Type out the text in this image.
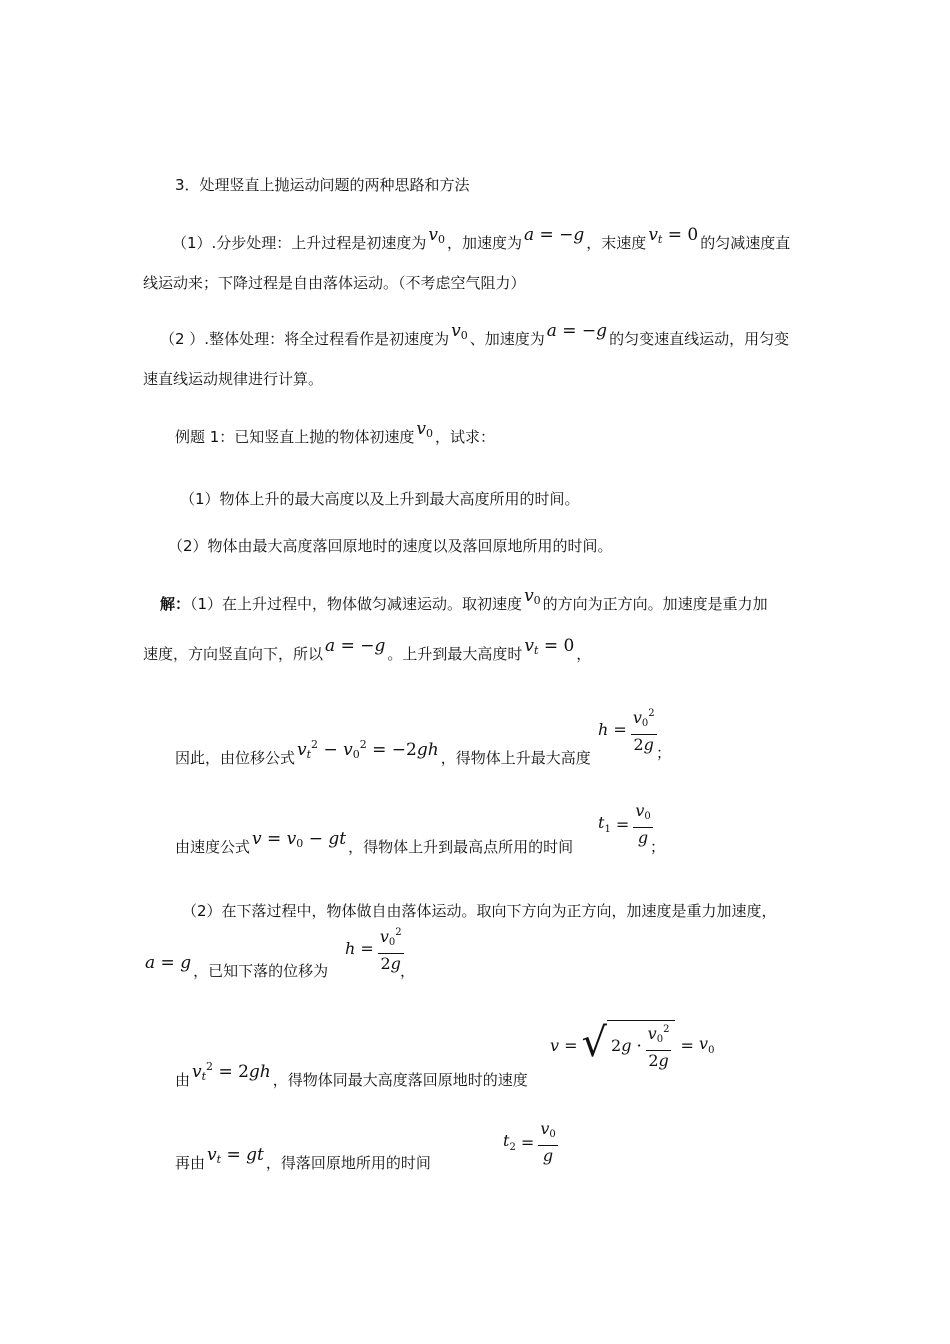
3．处理竖直上抛运动问题的两种思路和方法
（1）.分步处理：上升过程是初速度为 $v_0$ ，加速度为 a = −g ，末速度 $v_t = 0$ 的匀减速度直
线运动来；下降过程是自由落体运动。（不考虑空气阻力）
（2 ）.整体处理：将全过程看作是初速度为 $v_0$ 、加速度为 a = −g 的匀变速直线运动，用匀变
速直线运动规律进行计算。
例题 1：已知竖直上抛的物体初速度 $v_0$ ，试求：
（1）物体上升的最大高度以及上升到最大高度所用的时间。
（2）物体由最大高度落回原地时的速度以及落回原地所用的时间。
解：（1）在上升过程中，物体做匀减速运动。取初速度 $v_0$ 的方向为正方向。加速度是重力加
速度，方向竖直向下，所以 a = −g 。上升到最大高度时 $v_t = 0$ ，
因此，由位移公式 $v_t^2 - v_0^2 = -2gh$ ，得物体上升最大高度
h
= $\frac{v_0^2}{2g}$ ；
由速度公式 $v = v_0$ − gt ，得物体上升到最高点所用的时间
$t_1$
= $\frac{v_0}{g}$
；
（2）在下落过程中，物体做自由落体运动。取向下方向为正方向，加速度是重力加速度，
a = g ，已知下落的位移为
h
= $\frac{v_0^2}{2g}$
，
由 $v_t^2 = 2gh$ ，得物体同最大高度落回原地时的速度
v
= √ 2 $g \cdot \frac{v_0^2}{2g}$
=
$v_0$
再由 $v_t$ = gt ，得落回原地所用的时间
$t_2$
= $\frac{v_0}{g}$
